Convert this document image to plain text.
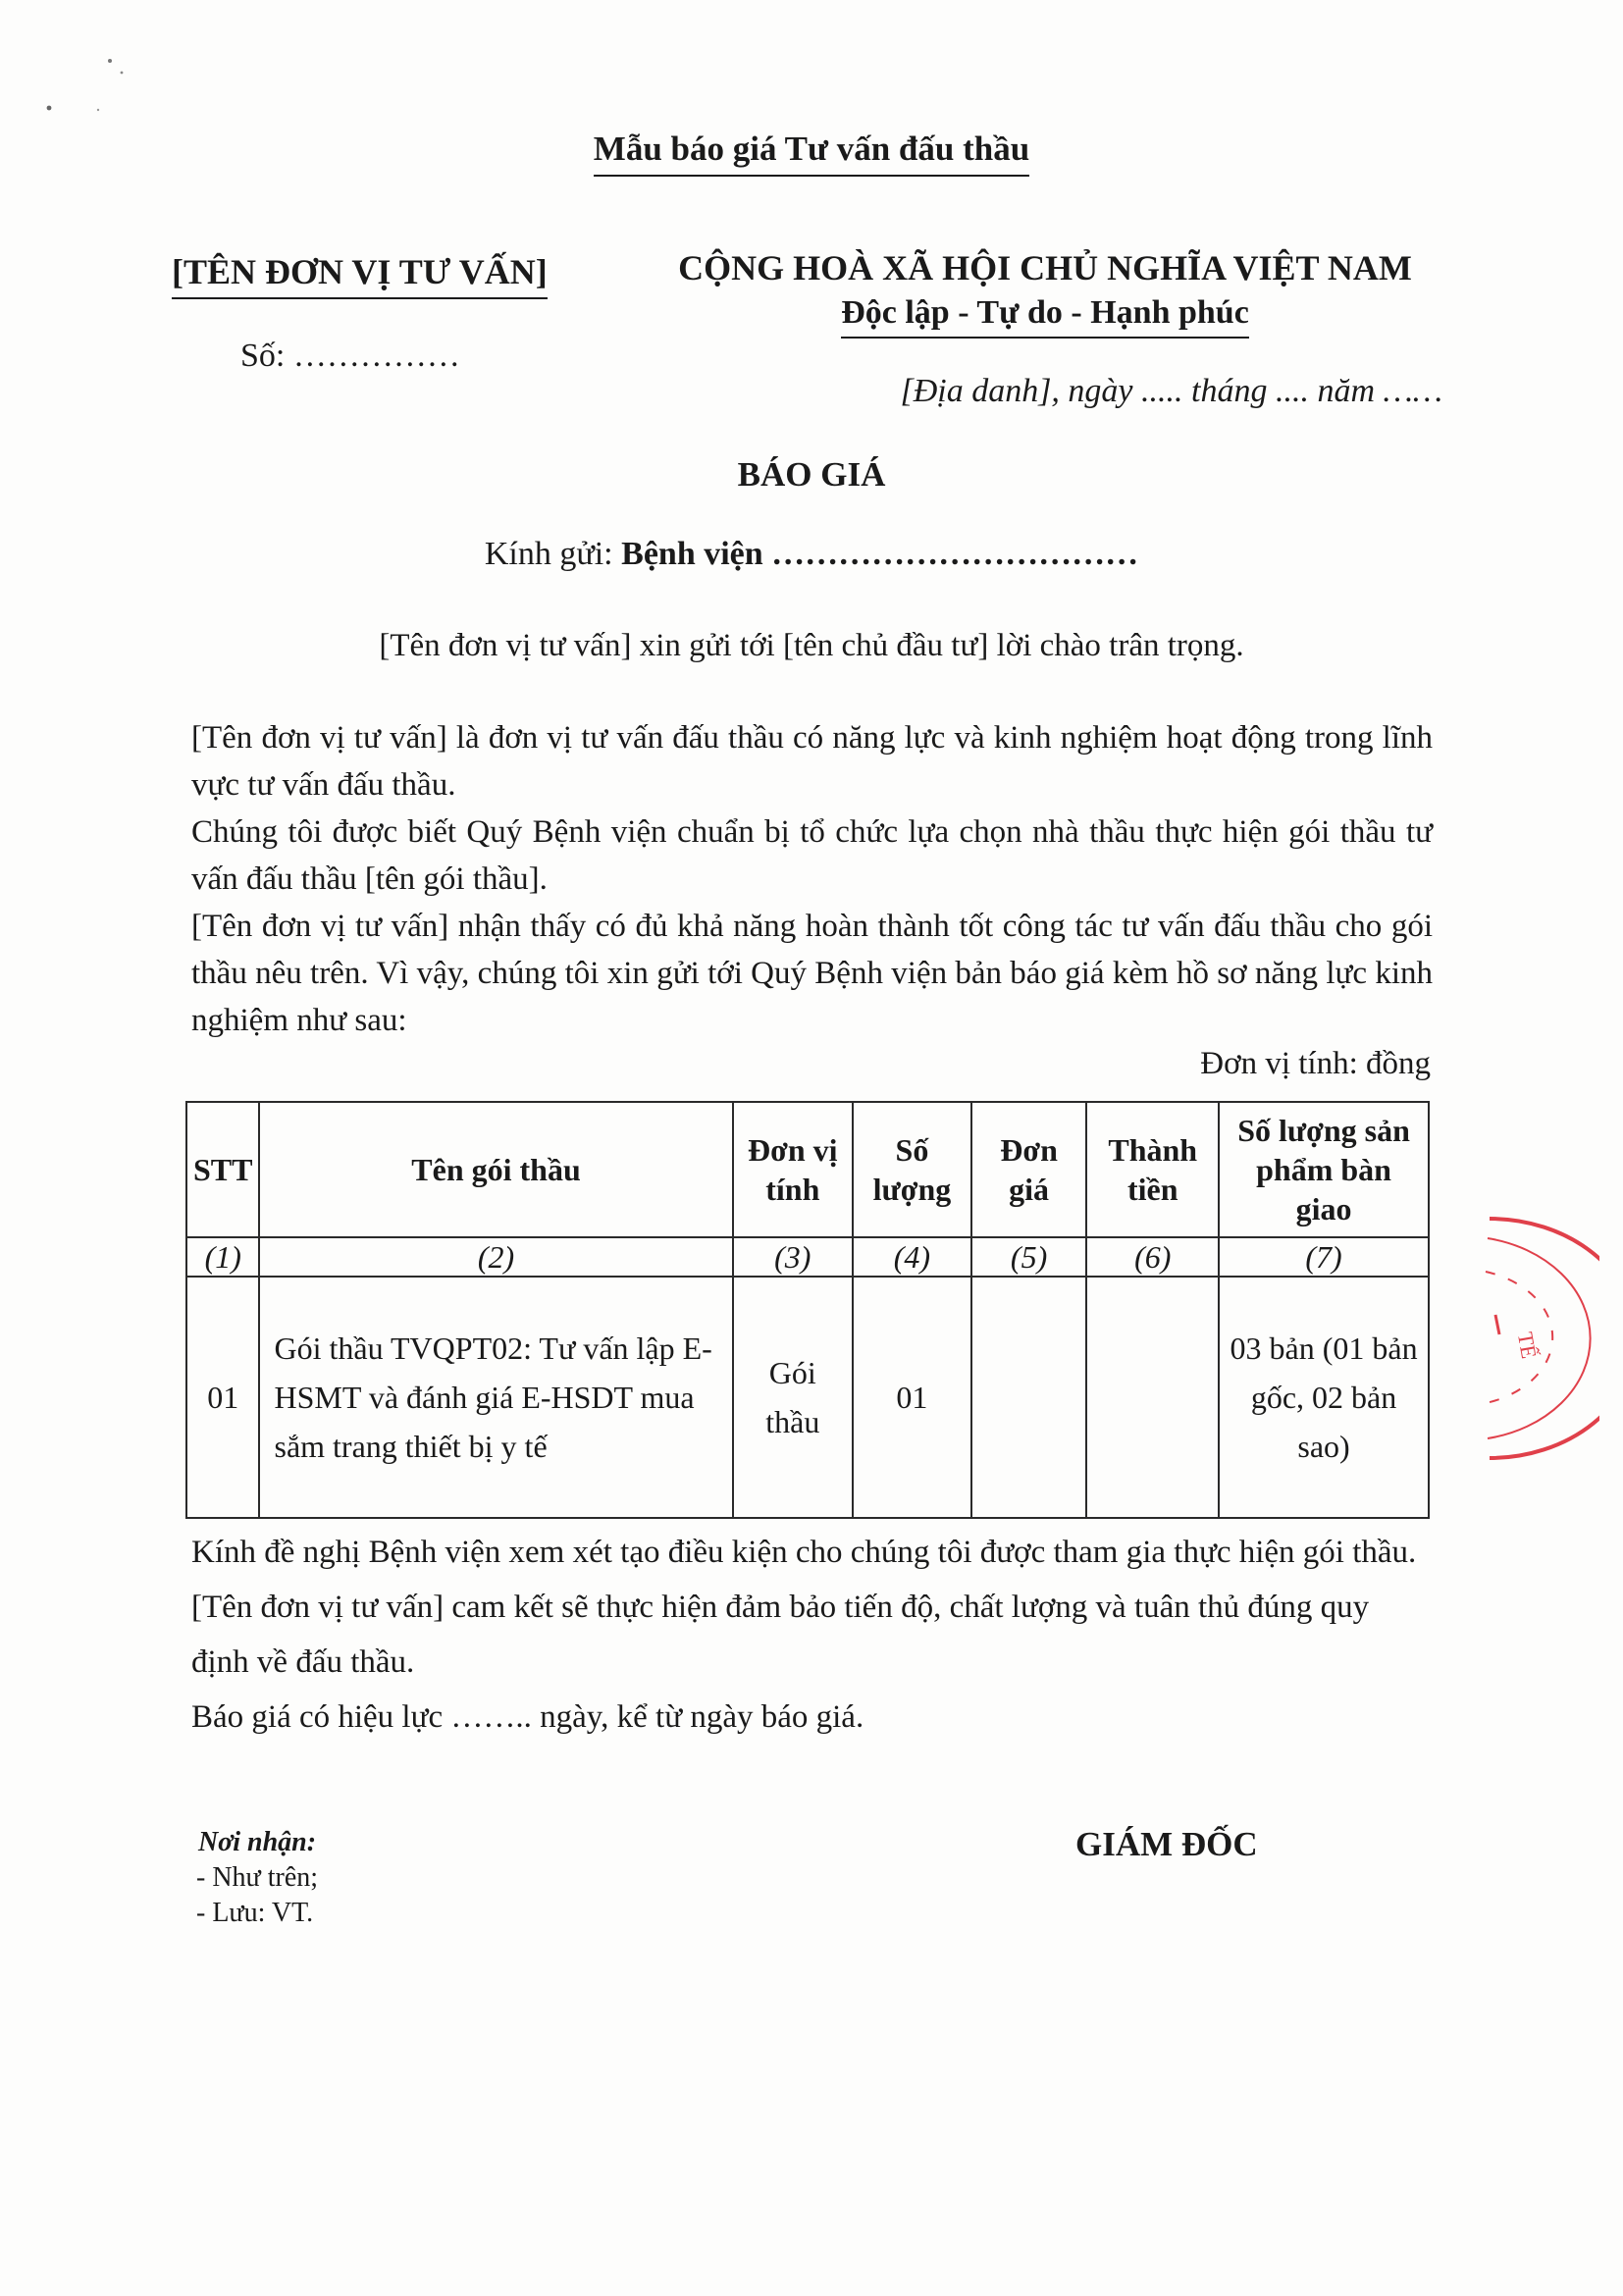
Mẫu báo giá Tư vấn đấu thầu
[TÊN ĐƠN VỊ TƯ VẤN]
Số: ……………
CỘNG HOÀ XÃ HỘI CHỦ NGHĨA VIỆT NAM
Độc lập - Tự do - Hạnh phúc
[Địa danh], ngày ..... tháng .... năm ……
BÁO GIÁ
Kính gửi: Bệnh viện ……………………………
[Tên đơn vị tư vấn] xin gửi tới [tên chủ đầu tư] lời chào trân trọng.
[Tên đơn vị tư vấn] là đơn vị tư vấn đấu thầu có năng lực và kinh nghiệm hoạt động trong lĩnh vực tư vấn đấu thầu.
Chúng tôi được biết Quý Bệnh viện chuẩn bị tổ chức lựa chọn nhà thầu thực hiện gói thầu tư vấn đấu thầu [tên gói thầu].
[Tên đơn vị tư vấn] nhận thấy có đủ khả năng hoàn thành tốt công tác tư vấn đấu thầu cho gói thầu nêu trên. Vì vậy, chúng tôi xin gửi tới Quý Bệnh viện bản báo giá kèm hồ sơ năng lực kinh nghiệm như sau:
Đơn vị tính: đồng
STT	Tên gói thầu	Đơn vị tính	Số lượng	Đơn giá	Thành tiền	Số lượng sản phẩm bàn giao
(1)	(2)	(3)	(4)	(5)	(6)	(7)
01	Gói thầu TVQPT02: Tư vấn lập E-HSMT và đánh giá E-HSDT mua sắm trang thiết bị y tế	Gói thầu	01			03 bản (01 bản gốc, 02 bản sao)
Kính đề nghị Bệnh viện xem xét tạo điều kiện cho chúng tôi được tham gia thực hiện gói thầu.
[Tên đơn vị tư vấn] cam kết sẽ thực hiện đảm bảo tiến độ, chất lượng và tuân thủ đúng quy định về đấu thầu.
Báo giá có hiệu lực …….. ngày, kể từ ngày báo giá.
Nơi nhận:
- Như trên;
- Lưu: VT.
GIÁM ĐỐC
TẾ
